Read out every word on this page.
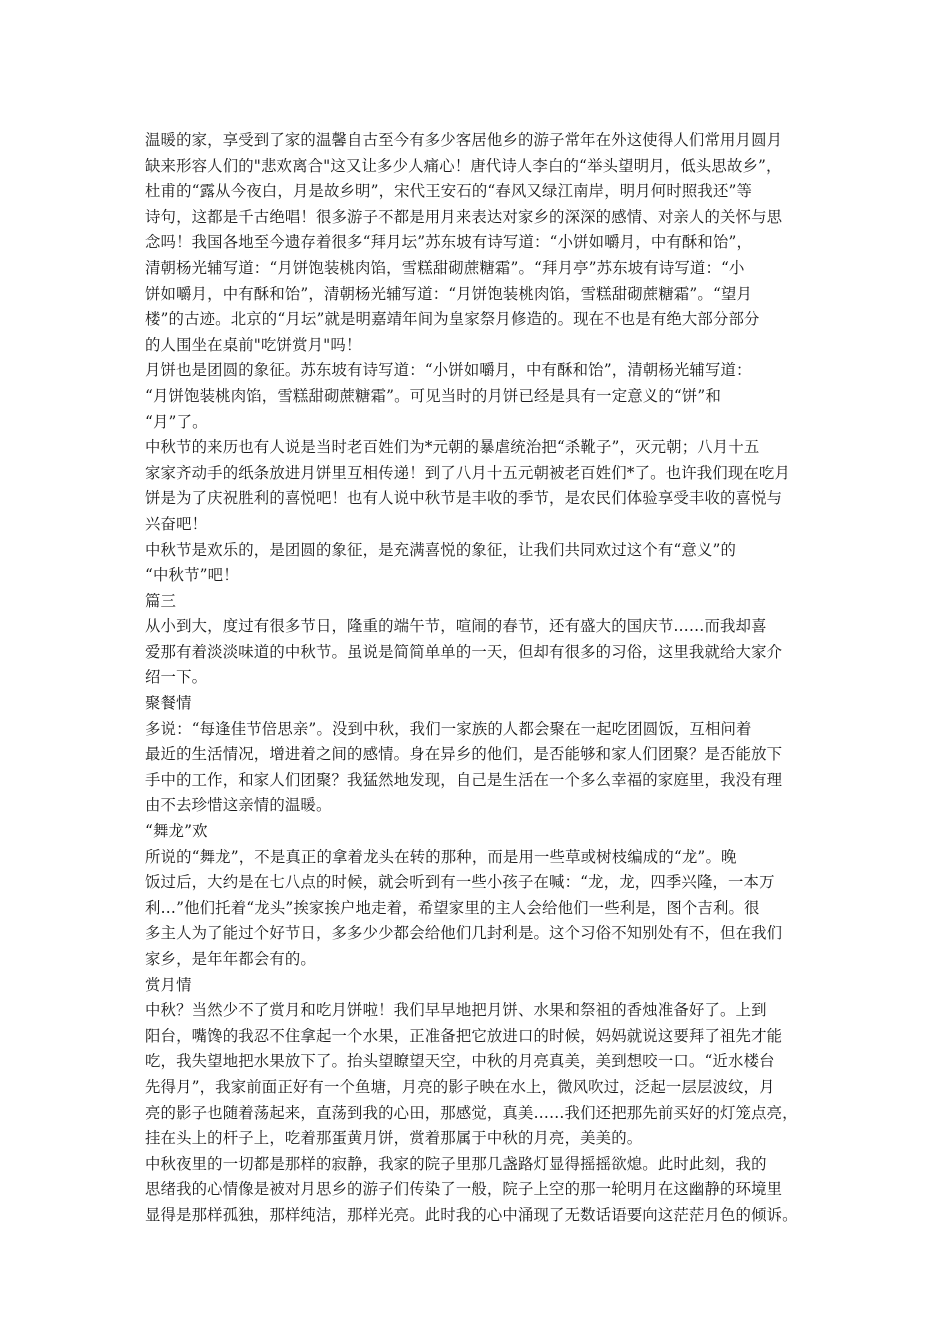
温暖的家，享受到了家的温馨自古至今有多少客居他乡的游子常年在外这使得人们常用月圆月
缺来形容人们的"悲欢离合"这又让多少人痛心！唐代诗人李白的“举头望明月，低头思故乡”，
杜甫的“露从今夜白，月是故乡明”，宋代王安石的“春风又绿江南岸，明月何时照我还”等
诗句，这都是千古绝唱！很多游子不都是用月来表达对家乡的深深的感情、对亲人的关怀与思
念吗！我国各地至今遗存着很多“拜月坛”苏东坡有诗写道：“小饼如嚼月，中有酥和饴”，
清朝杨光辅写道：“月饼饱装桃肉馅，雪糕甜砌蔗糖霜”。“拜月亭”苏东坡有诗写道：“小
饼如嚼月，中有酥和饴”，清朝杨光辅写道：“月饼饱装桃肉馅，雪糕甜砌蔗糖霜”。“望月
楼”的古迹。北京的“月坛”就是明嘉靖年间为皇家祭月修造的。现在不也是有绝大部分部分
的人围坐在桌前"吃饼赏月"吗！

月饼也是团圆的象征。苏东坡有诗写道：“小饼如嚼月，中有酥和饴”，清朝杨光辅写道：
“月饼饱装桃肉馅，雪糕甜砌蔗糖霜”。可见当时的月饼已经是具有一定意义的“饼”和
“月”了。

中秋节的来历也有人说是当时老百姓们为*元朝的暴虐统治把“杀靴子”，灭元朝；八月十五
家家齐动手的纸条放进月饼里互相传递！到了八月十五元朝被老百姓们*了。也许我们现在吃月
饼是为了庆祝胜利的喜悦吧！也有人说中秋节是丰收的季节，是农民们体验享受丰收的喜悦与
兴奋吧！

中秋节是欢乐的，是团圆的象征，是充满喜悦的象征，让我们共同欢过这个有“意义”的
“中秋节”吧！

篇三

从小到大，度过有很多节日，隆重的端午节，喧闹的春节，还有盛大的国庆节……而我却喜
爱那有着淡淡味道的中秋节。虽说是简简单单的一天，但却有很多的习俗，这里我就给大家介
绍一下。

聚餐情

多说：“每逢佳节倍思亲”。没到中秋，我们一家族的人都会聚在一起吃团圆饭，互相问着
最近的生活情况，增进着之间的感情。身在异乡的他们，是否能够和家人们团聚？是否能放下
手中的工作，和家人们团聚？我猛然地发现，自己是生活在一个多么幸福的家庭里，我没有理
由不去珍惜这亲情的温暖。

“舞龙”欢

所说的“舞龙”，不是真正的拿着龙头在转的那种，而是用一些草或树枝编成的“龙”。晚
饭过后，大约是在七八点的时候，就会听到有一些小孩子在喊：“龙，龙，四季兴隆，一本万
利…”他们托着“龙头”挨家挨户地走着，希望家里的主人会给他们一些利是，图个吉利。很
多主人为了能过个好节日，多多少少都会给他们几封利是。这个习俗不知别处有不，但在我们
家乡，是年年都会有的。

赏月情

中秋？当然少不了赏月和吃月饼啦！我们早早地把月饼、水果和祭祖的香烛准备好了。上到
阳台，嘴馋的我忍不住拿起一个水果，正准备把它放进口的时候，妈妈就说这要拜了祖先才能
吃，我失望地把水果放下了。抬头望瞭望天空，中秋的月亮真美，美到想咬一口。“近水楼台
先得月”，我家前面正好有一个鱼塘，月亮的影子映在水上，微风吹过，泛起一层层波纹，月
亮的影子也随着荡起来，直荡到我的心田，那感觉，真美……我们还把那先前买好的灯笼点亮，
挂在头上的杆子上，吃着那蛋黄月饼，赏着那属于中秋的月亮，美美的。

中秋夜里的一切都是那样的寂静，我家的院子里那几盏路灯显得摇摇欲熄。此时此刻，我的
思绪我的心情像是被对月思乡的游子们传染了一般，院子上空的那一轮明月在这幽静的环境里
显得是那样孤独，那样纯洁，那样光亮。此时我的心中涌现了无数话语要向这茫茫月色的倾诉。
